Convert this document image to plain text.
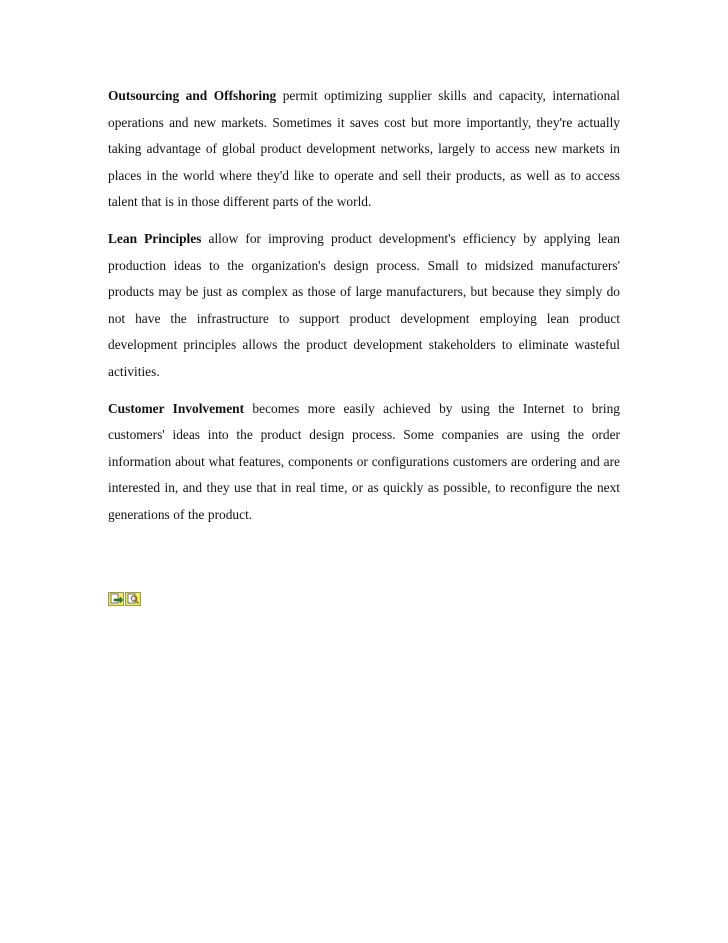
Outsourcing and Offshoring permit optimizing supplier skills and capacity, international operations and new markets. Sometimes it saves cost but more importantly, they're actually taking advantage of global product development networks, largely to access new markets in places in the world where they'd like to operate and sell their products, as well as to access talent that is in those different parts of the world.

Lean Principles allow for improving product development's efficiency by applying lean production ideas to the organization's design process. Small to midsized manufacturers' products may be just as complex as those of large manufacturers, but because they simply do not have the infrastructure to support product development employing lean product development principles allows the product development stakeholders to eliminate wasteful activities.

Customer Involvement becomes more easily achieved by using the Internet to bring customers' ideas into the product design process. Some companies are using the order information about what features, components or configurations customers are ordering and are interested in, and they use that in real time, or as quickly as possible, to reconfigure the next generations of the product.
